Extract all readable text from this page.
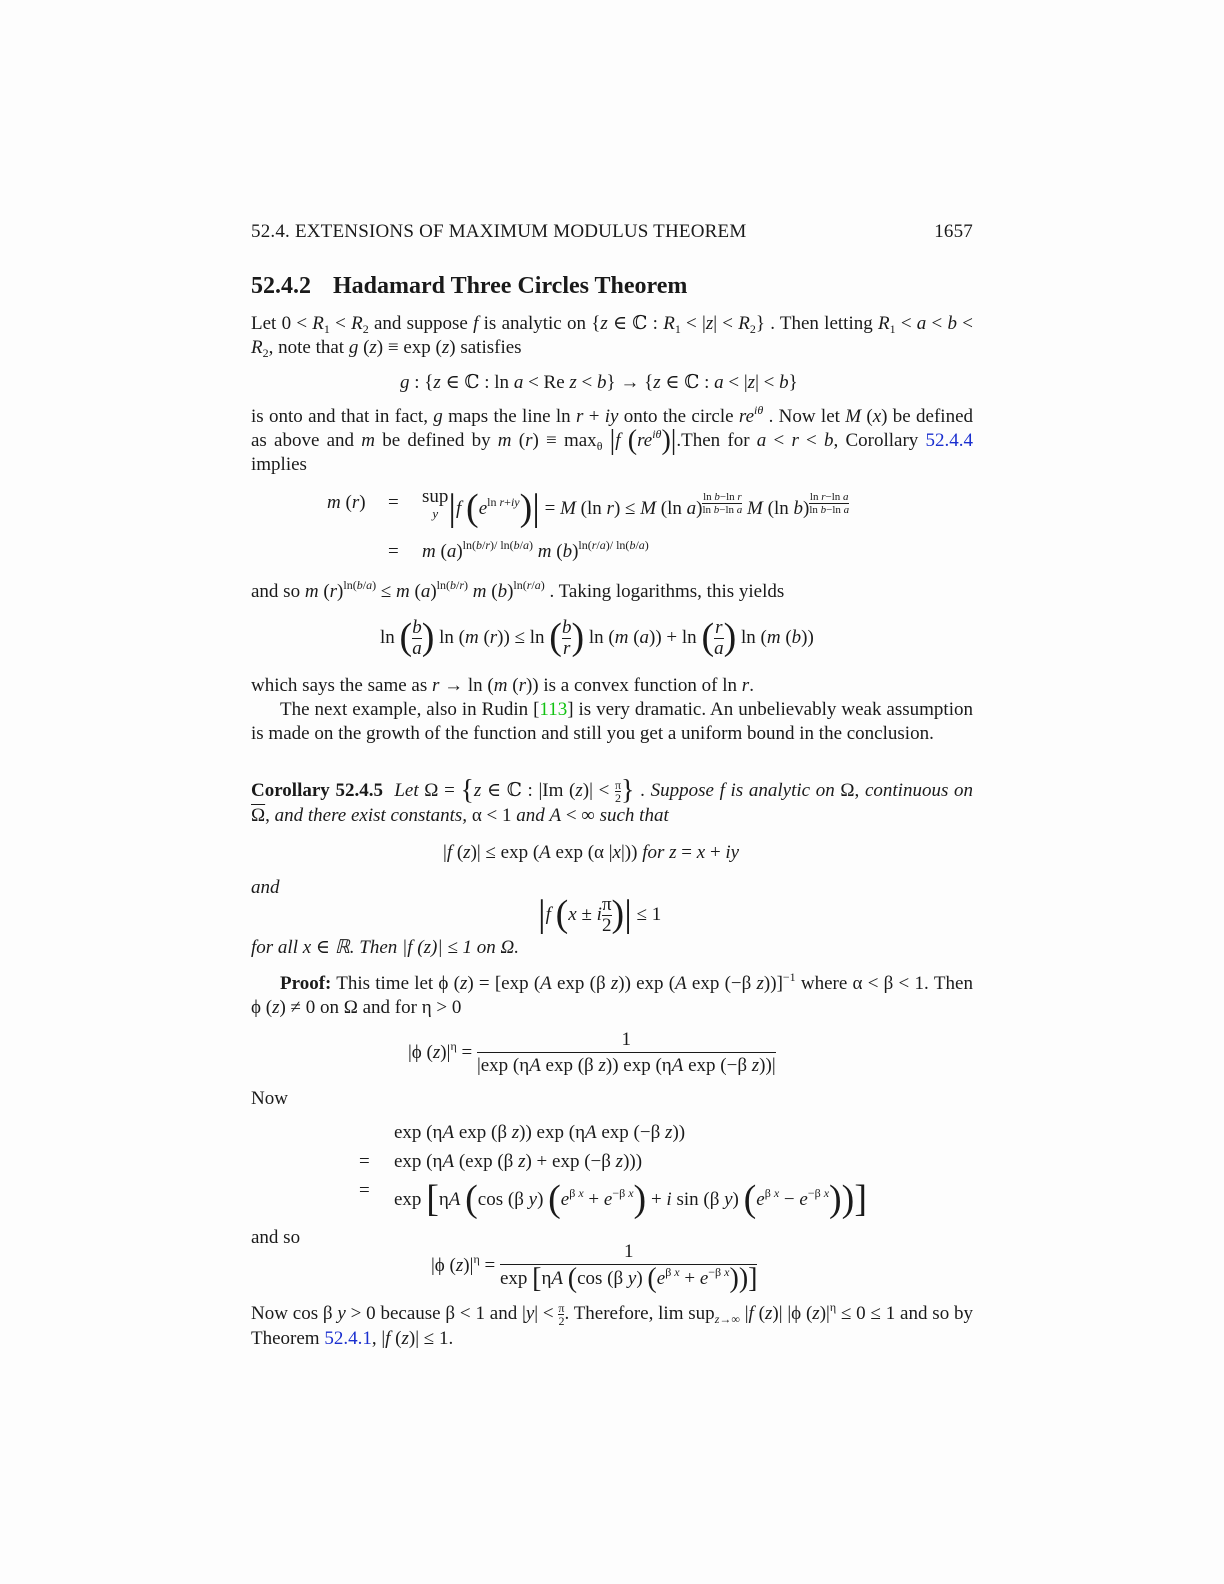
52.4. EXTENSIONS OF MAXIMUM MODULUS THEOREM	1657
52.4.2 Hadamard Three Circles Theorem
Let $0 < R_1 < R_2$ and suppose f is analytic on {z ∈ ℂ : $R_1 < |z| < R_2$} . Then letting $R_1 < a < b < R_2$, note that g (z) ≡ exp (z) satisfies
g : {z ∈ ℂ : ln a < Re z < b} → {z ∈ ℂ : a < |z| < b}
is onto and that in fact, g maps the line ln r + iy onto the circle $re^{i\theta}$ . Now let M (x) be defined as above and m be defined by m $(r) \equiv \max_\theta |f$ $(re^{i\theta})|.Then$ for a < r < b, Corollary 52.4.4 implies
m (r) = sup
$^y$ |f $(e^{ln r+iy})| = M$ (ln r) ≤ M (ln a) $^{\frac{\text{ln b−ln r}}{\text{ln b−ln a}}}$ M (ln b) $^{\frac{\text{ln r−ln a}}{\text{ln b−ln a}}}$
= m $(a)^{ln(b/r)/ ln(b/a)}$ m $(b)^{ln(r/a)/ ln(b/a)}$
and so m $(r)^{ln(b/a)} \le m$ $(a)^{ln(b/r)}$ m $(b)^{ln(r/a)}$ . Taking logarithms, this yields
ln ( $\frac{b}{a}$ ) ln (m (r)) ≤ ln ( $\frac{b}{r}$ ) ln (m (a)) + ln ( $\frac{r}{a}$ ) ln (m (b))
which says the same as r → ln (m (r)) is a convex function of ln r.
The next example, also in Rudin [113] is very dramatic. An unbelievably weak assumption is made on the growth of the function and still you get a uniform bound in the conclusion.
Corollary 52.4.5 Let Ω = {z ∈ ℂ : |Im $(z)| < \frac{\pi}{2}$ } . Suppose f is analytic on Ω, continuous on $\overline{\Omega}$, and there exist constants, α < 1 and A < ∞ such that
|f (z)| ≤ exp (A exp (α |x|)) for z = x + iy
and
|f (x ± i $\frac{\pi}{2}$ )| ≤ 1
for all x ∈ ℝ. Then |f (z)| ≤ 1 on Ω.
Proof: This time let ϕ (z) = [exp (A exp (β z)) exp (A exp (−β z))]$^{-1}$ where α < β < 1. Then ϕ (z) ≠ 0 on Ω and for η > 0
|ϕ $(z)|^\eta = \frac{1}{\text{|exp (ηA exp (β z)) exp (ηA exp (−β z))|}}$
Now
exp (ηA exp (β z)) exp (ηA exp (−β z))
= exp (ηA (exp (β z) + exp (−β z)))
= exp [ηA (cos (β y) $(e^{\beta x} + e^{-\beta x}) + i$ sin (β y) $(e^{\beta x} - e^{-\beta x})$)]
and so
|ϕ $(z)|^\eta = \frac{1}{\exp [\eta A (\cos (\beta y) (e^{\beta x} + e^{-\beta x}))]}$
Now cos β y > 0 because β < 1 and $|y| < \frac{\pi}{2}$ . Therefore, lim sup$_{z\to\infty}$ |f (z)| |ϕ $(z)|^\eta \le 0 \le 1$ and so by Theorem 52.4.1, |f (z)| ≤ 1.
